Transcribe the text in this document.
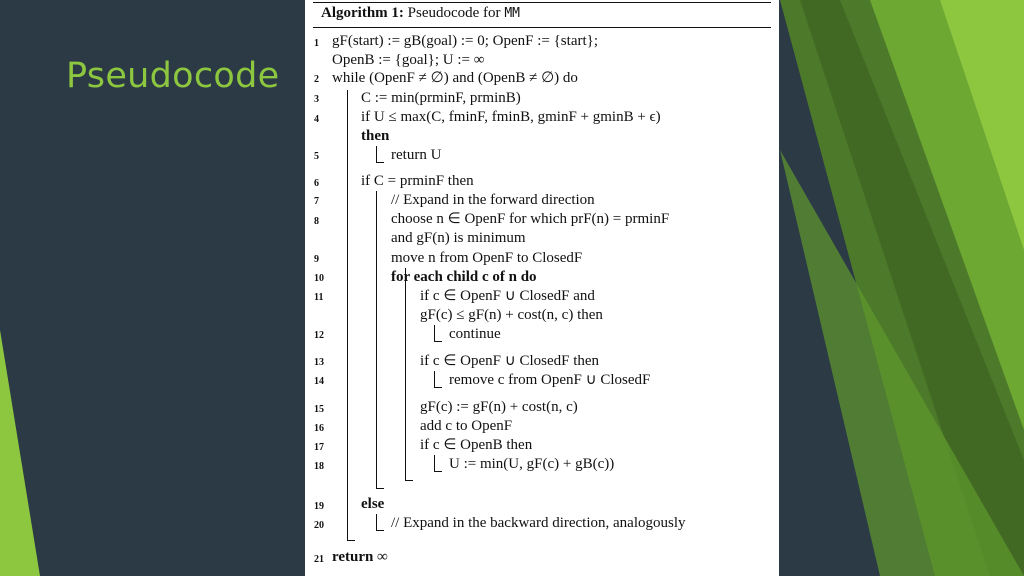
Pseudocode
Algorithm 1: Pseudocode for MM
1 gF(start) := gB(goal) := 0; OpenF := {start};
OpenB := {goal}; U := ∞
2 while (OpenF ≠ ∅) and (OpenB ≠ ∅) do
3	C := min(prminF, prminB)
4	if U ≤ max(C, fminF, fminB, gminF + gminB + ϵ)
then
5	return U
6	if C = prminF then
7	// Expand in the forward direction
8	choose n ∈ OpenF for which prF(n) = prminF
and gF(n) is minimum
9	move n from OpenF to ClosedF
10	for each child c of n do
11	if c ∈ OpenF ∪ ClosedF and
gF(c) ≤ gF(n) + cost(n, c) then
12	continue
13	if c ∈ OpenF ∪ ClosedF then
14	remove c from OpenF ∪ ClosedF
15	gF(c) := gF(n) + cost(n, c)
16	add c to OpenF
17	if c ∈ OpenB then
18	U := min(U, gF(c) + gB(c))
19	else
20	// Expand in the backward direction, analogously
21 return ∞
